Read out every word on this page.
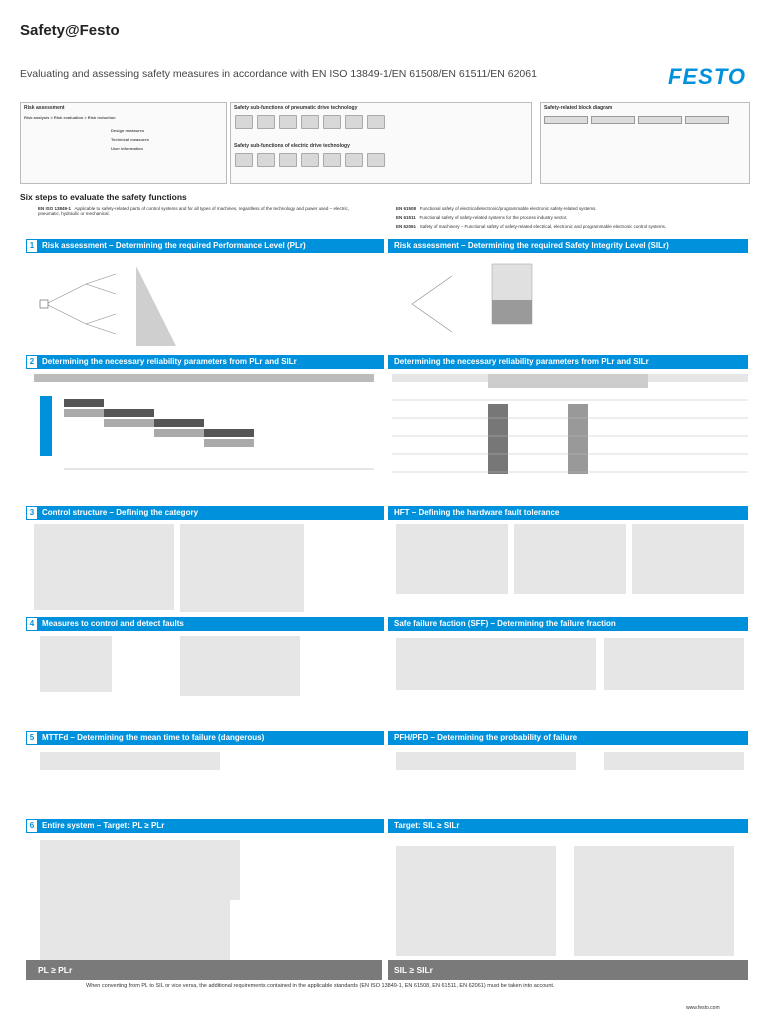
Safety@Festo
Evaluating and assessing safety measures in accordance with EN ISO 13849-1/EN 61508/EN 61511/EN 62061	FESTO
Risk assessment
Risk analysis > Risk evaluation > Risk reduction
Design measures
Technical measures
User information
Safety sub-functions of pneumatic drive technology
Safety sub-functions of electric drive technology
Safety-related block diagram
Six steps to evaluate the safety functions
EN ISO 13849-1 Applicable to safety-related parts of control systems and for all types of machines, regardless of the technology and power used – electric, pneumatic, hydraulic or mechanical.
EN 61508 Functional safety of electrical/electronic/programmable electronic safety-related systems.
EN 61511 Functional safety of safety-related systems for the process industry sector.
EN 62061 Safety of machinery – Functional safety of safety-related electrical, electronic and programmable electronic control systems.
1 Risk assessment – Determining the required Performance Level (PLr)	Risk assessment – Determining the required Safety Integrity Level (SILr)
2 Determining the necessary reliability parameters from PLr and SILr	Determining the necessary reliability parameters from PLr and SILr
3 Control structure – Defining the category	HFT – Defining the hardware fault tolerance
4 Measures to control and detect faults	Safe failure faction (SFF) – Determining the failure fraction
5 MTTFd – Determining the mean time to failure (dangerous)	PFH/PFD – Determining the probability of failure
6 Entire system – Target: PL ≥ PLr	Target: SIL ≥ SILr
PL ≥ PLr	SIL ≥ SILr
When converting from PL to SIL or vice versa, the additional requirements contained in the applicable standards (EN ISO 13849-1, EN 61508, EN 61511, EN 62061) must be taken into account.
www.festo.com
